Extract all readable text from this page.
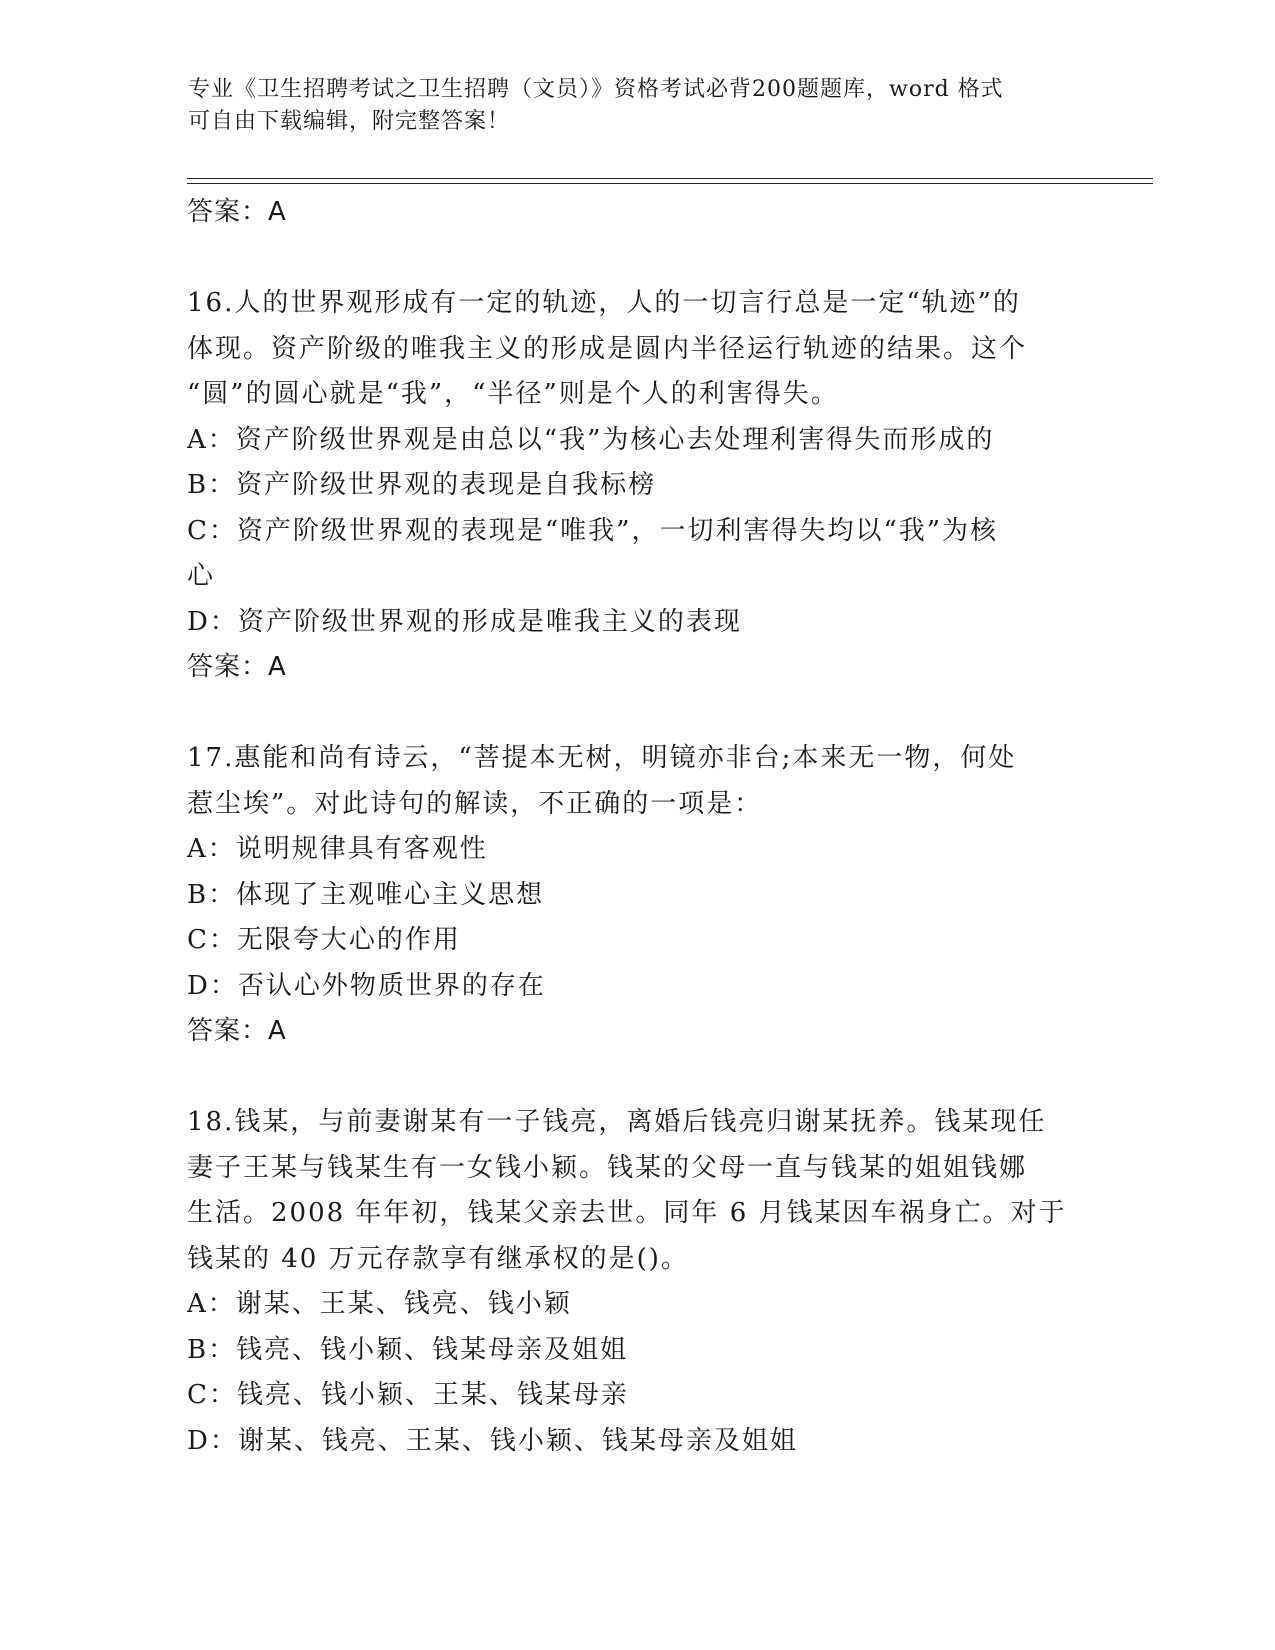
专业《卫生招聘考试之卫生招聘（文员）》资格考试必背200题题库，word 格式
可自由下载编辑，附完整答案！
答案：A
16.人的世界观形成有一定的轨迹，人的一切言行总是一定“轨迹”的
体现。资产阶级的唯我主义的形成是圆内半径运行轨迹的结果。这个
“圆”的圆心就是“我”，“半径”则是个人的利害得失。
A：资产阶级世界观是由总以“我”为核心去处理利害得失而形成的
B：资产阶级世界观的表现是自我标榜
C：资产阶级世界观的表现是“唯我”，一切利害得失均以“我”为核
心
D：资产阶级世界观的形成是唯我主义的表现
答案：A
17.惠能和尚有诗云，“菩提本无树，明镜亦非台;本来无一物，何处
惹尘埃”。对此诗句的解读，不正确的一项是：
A：说明规律具有客观性
B：体现了主观唯心主义思想
C：无限夸大心的作用
D：否认心外物质世界的存在
答案：A
18.钱某，与前妻谢某有一子钱亮，离婚后钱亮归谢某抚养。钱某现任
妻子王某与钱某生有一女钱小颖。钱某的父母一直与钱某的姐姐钱娜
生活。2008 年年初，钱某父亲去世。同年 6 月钱某因车祸身亡。对于
钱某的 40 万元存款享有继承权的是()。
A：谢某、王某、钱亮、钱小颖
B：钱亮、钱小颖、钱某母亲及姐姐
C：钱亮、钱小颖、王某、钱某母亲
D：谢某、钱亮、王某、钱小颖、钱某母亲及姐姐
